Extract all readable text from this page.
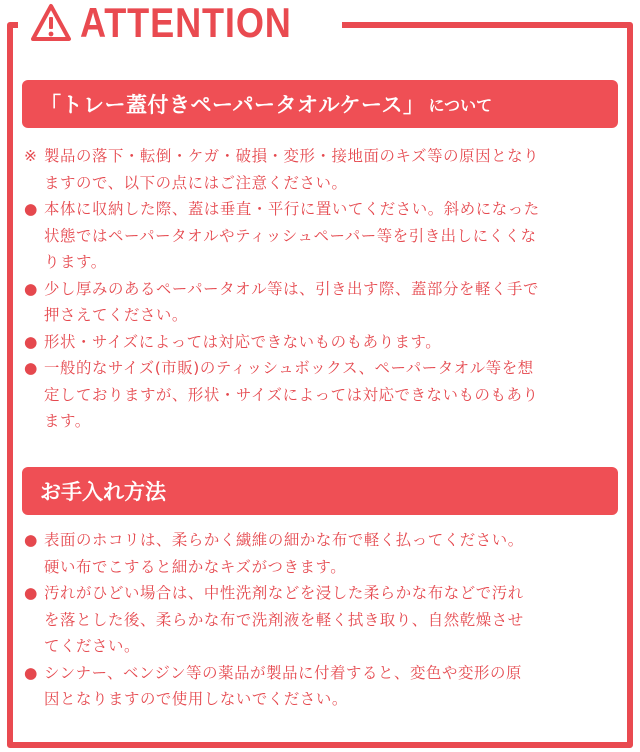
ATTENTION
「トレー蓋付きペーパータオルケース」 について
※ 製品の落下・転倒・ケガ・破損・変形・接地面のキズ等の原因となり
ますので、以下の点にはご注意ください。
● 本体に収納した際、蓋は垂直・平行に置いてください。斜めになった
状態ではペーパータオルやティッシュペーパー等を引き出しにくくな
ります。
● 少し厚みのあるペーパータオル等は、引き出す際、蓋部分を軽く手で
押さえてください。
● 形状・サイズによっては対応できないものもあります。
● 一般的なサイズ(市販)のティッシュボックス、ペーパータオル等を想
定しておりますが、形状・サイズによっては対応できないものもあり
ます。
お手入れ方法
● 表面のホコリは、柔らかく繊維の細かな布で軽く払ってください。
硬い布でこすると細かなキズがつきます。
● 汚れがひどい場合は、中性洗剤などを浸した柔らかな布などで汚れ
を落とした後、柔らかな布で洗剤液を軽く拭き取り、自然乾燥させ
てください。
● シンナー、ベンジン等の薬品が製品に付着すると、変色や変形の原
因となりますので使用しないでください。
